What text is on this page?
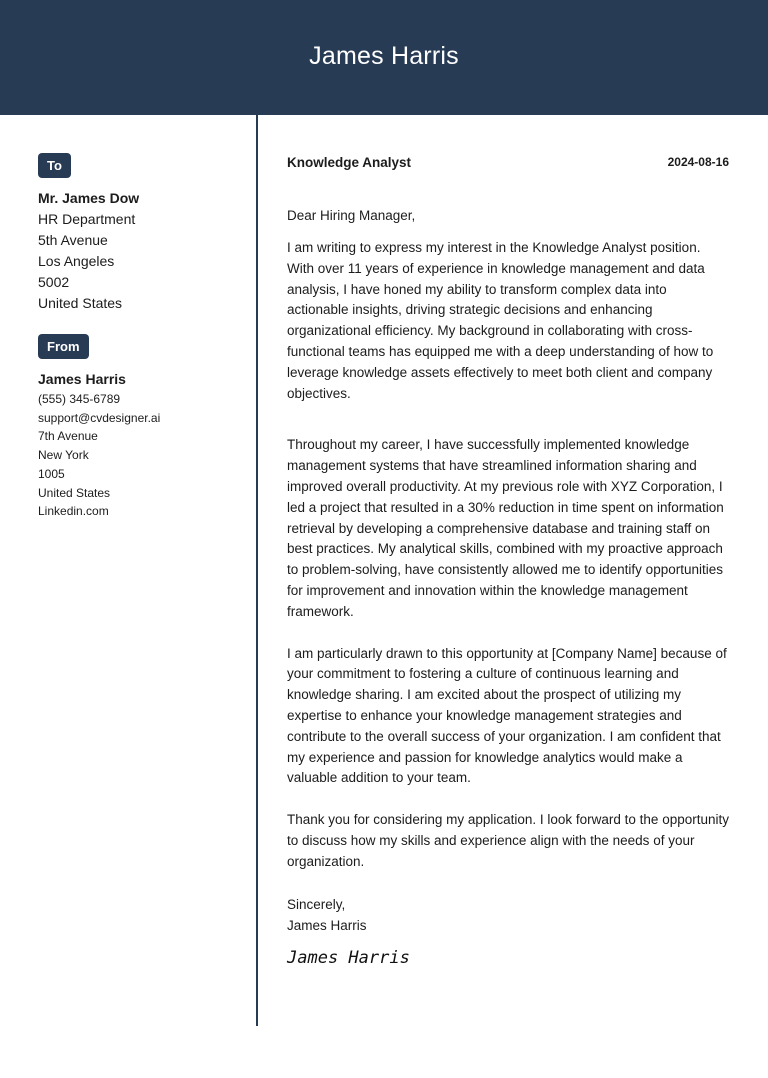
James Harris
To
Mr. James Dow
HR Department
5th Avenue
Los Angeles
5002
United States
From
James Harris
(555) 345-6789
support@cvdesigner.ai
7th Avenue
New York
1005
United States
Linkedin.com
Knowledge Analyst	2024-08-16
Dear Hiring Manager,

I am writing to express my interest in the Knowledge Analyst position. With over 11 years of experience in knowledge management and data analysis, I have honed my ability to transform complex data into actionable insights, driving strategic decisions and enhancing organizational efficiency. My background in collaborating with cross-functional teams has equipped me with a deep understanding of how to leverage knowledge assets effectively to meet both client and company objectives.

Throughout my career, I have successfully implemented knowledge management systems that have streamlined information sharing and improved overall productivity. At my previous role with XYZ Corporation, I led a project that resulted in a 30% reduction in time spent on information retrieval by developing a comprehensive database and training staff on best practices. My analytical skills, combined with my proactive approach to problem-solving, have consistently allowed me to identify opportunities for improvement and innovation within the knowledge management framework.

I am particularly drawn to this opportunity at [Company Name] because of your commitment to fostering a culture of continuous learning and knowledge sharing. I am excited about the prospect of utilizing my expertise to enhance your knowledge management strategies and contribute to the overall success of your organization. I am confident that my experience and passion for knowledge analytics would make a valuable addition to your team.

Thank you for considering my application. I look forward to the opportunity to discuss how my skills and experience align with the needs of your organization.

Sincerely,
James Harris
James Harris
